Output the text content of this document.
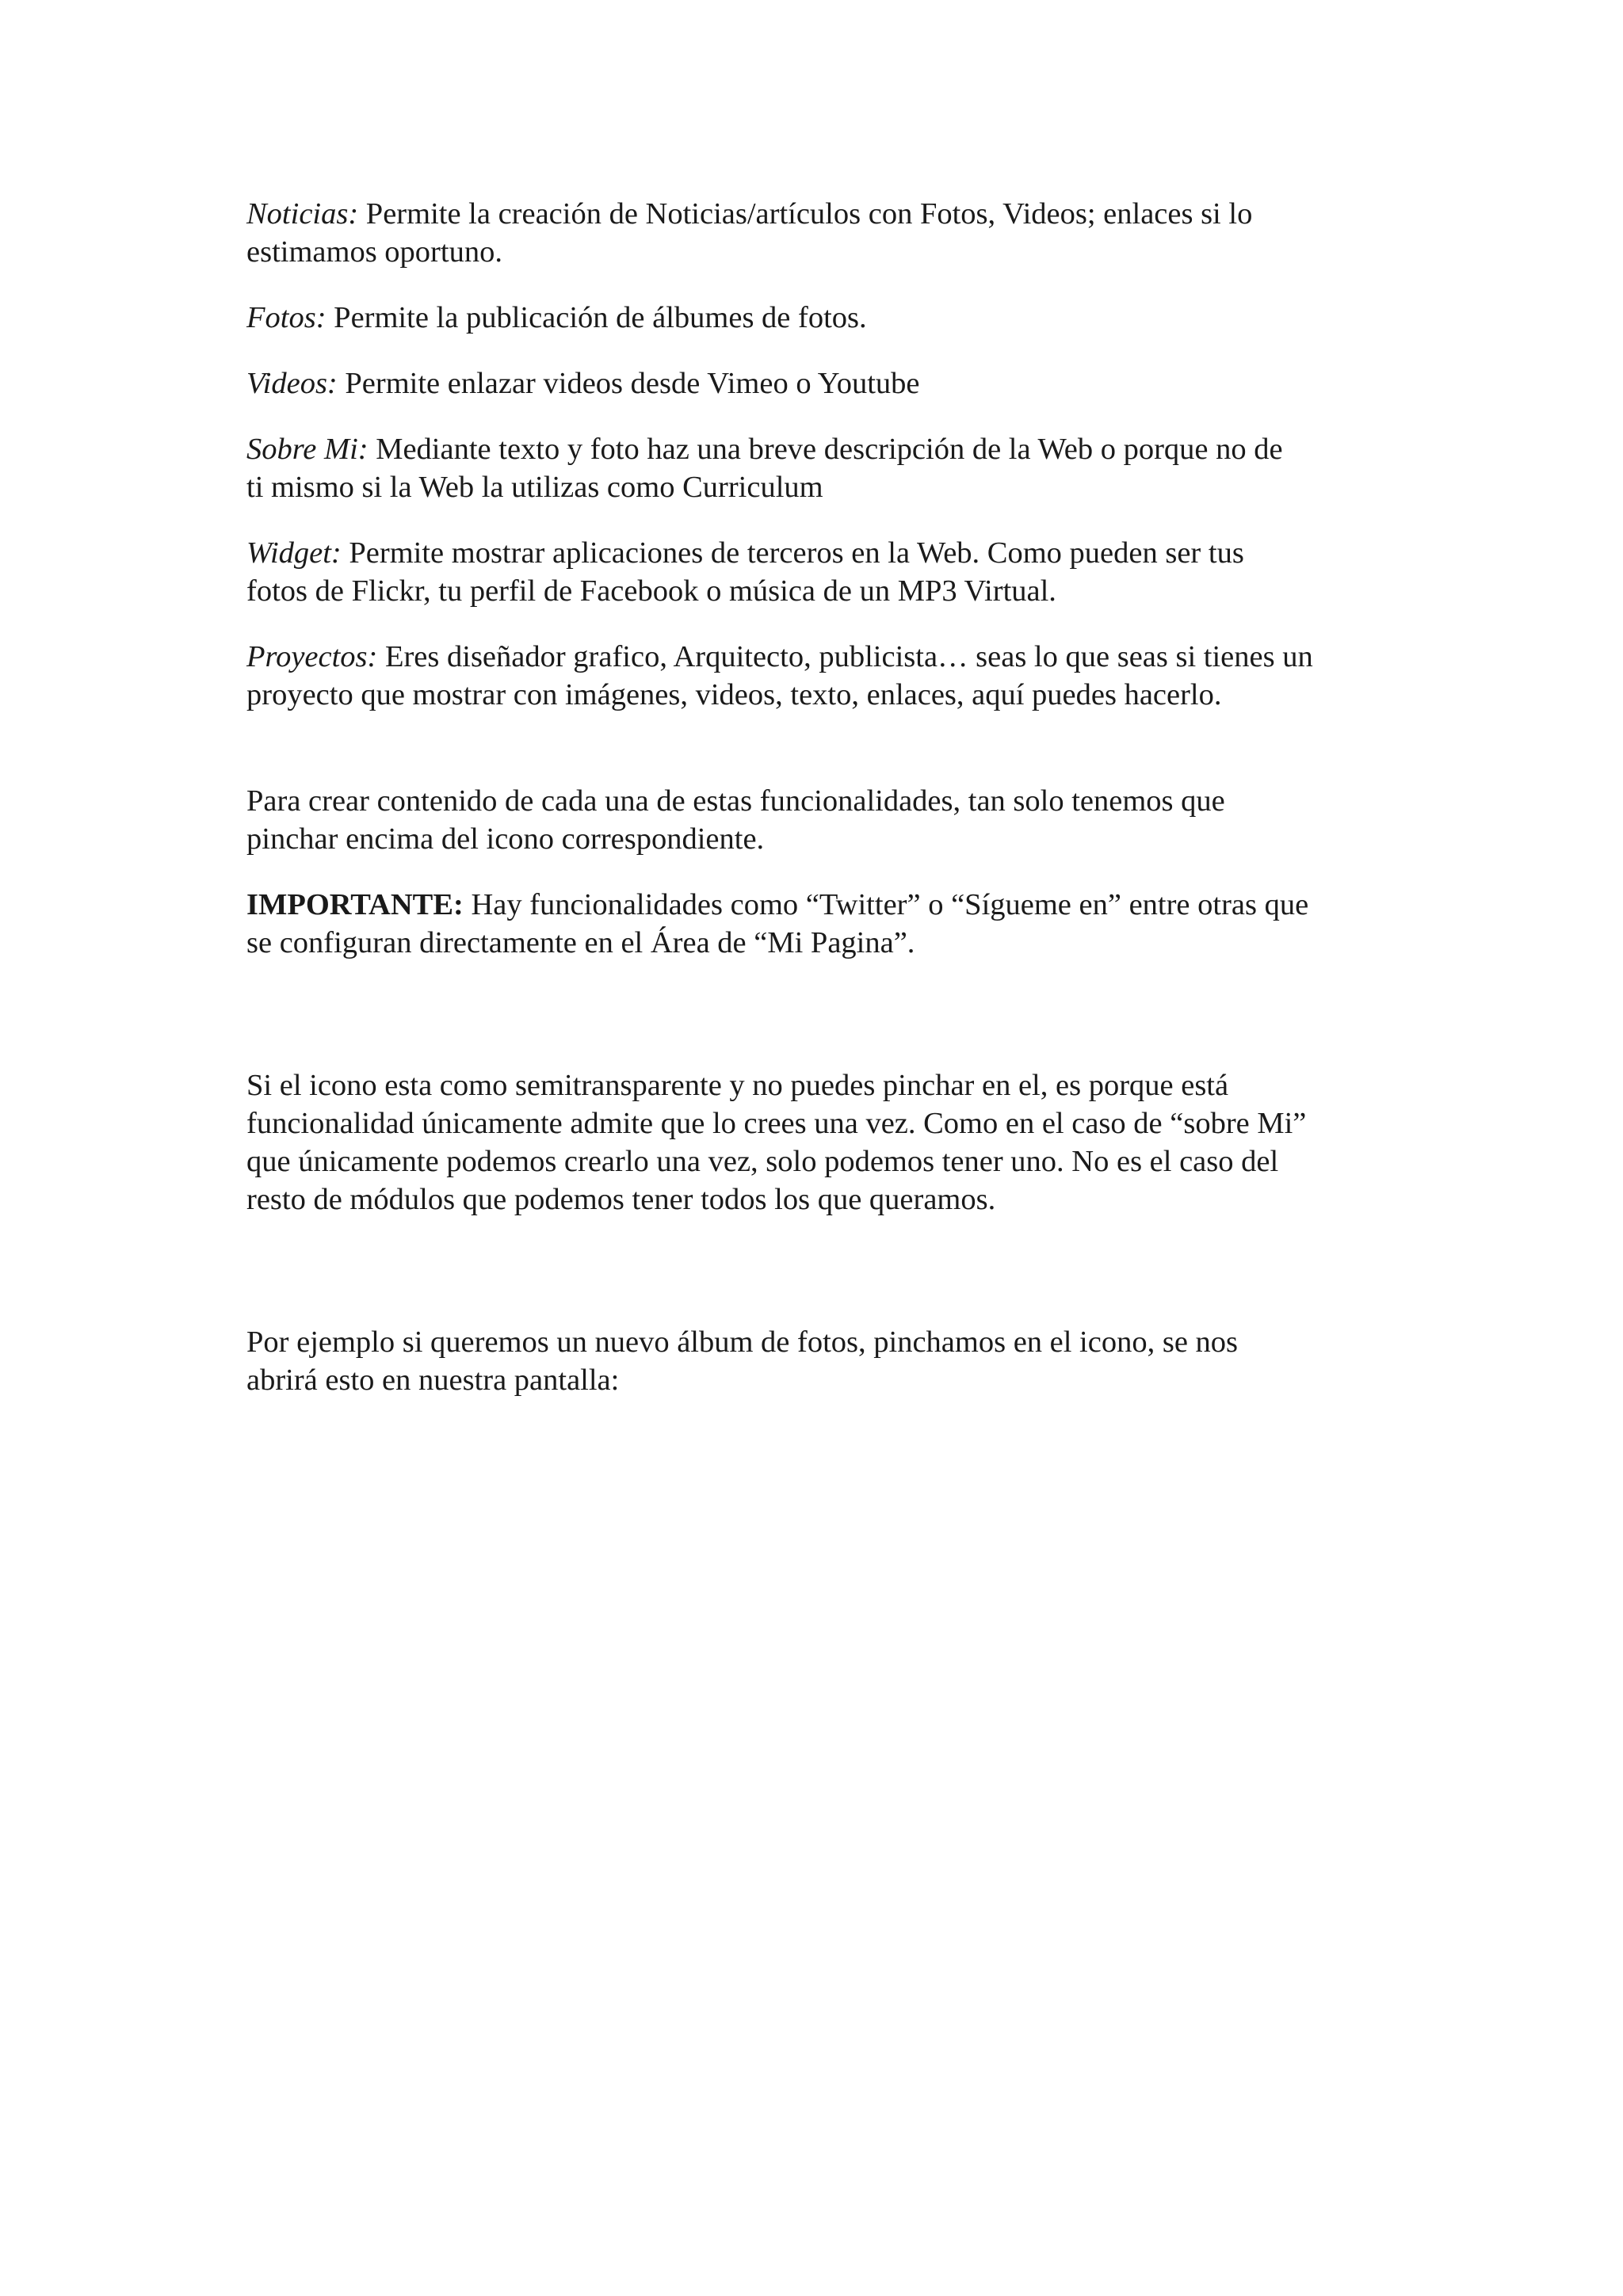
Noticias: Permite la creación de Noticias/artículos con Fotos, Videos; enlaces si lo
estimamos oportuno.

Fotos: Permite la publicación de álbumes de fotos.

Videos: Permite enlazar videos desde Vimeo o Youtube

Sobre Mi: Mediante texto y foto haz una breve descripción de la Web o porque no de
ti mismo si la Web la utilizas como Curriculum

Widget: Permite mostrar aplicaciones de terceros en la Web. Como pueden ser tus
fotos de Flickr, tu perfil de Facebook o música de un MP3 Virtual.

Proyectos: Eres diseñador grafico, Arquitecto, publicista… seas lo que seas si tienes un
proyecto que mostrar con imágenes, videos, texto, enlaces, aquí puedes hacerlo.

Para crear contenido de cada una de estas funcionalidades, tan solo tenemos que
pinchar encima del icono correspondiente.

IMPORTANTE: Hay funcionalidades como “Twitter” o “Sígueme en” entre otras que
se configuran directamente en el Área de “Mi Pagina”.

Si el icono esta como semitransparente y no puedes pinchar en el, es porque está
funcionalidad únicamente admite que lo crees una vez. Como en el caso de “sobre Mi”
que únicamente podemos crearlo una vez, solo podemos tener uno. No es el caso del
resto de módulos que podemos tener todos los que queramos.

Por ejemplo si queremos un nuevo álbum de fotos, pinchamos en el icono, se nos
abrirá esto en nuestra pantalla:
